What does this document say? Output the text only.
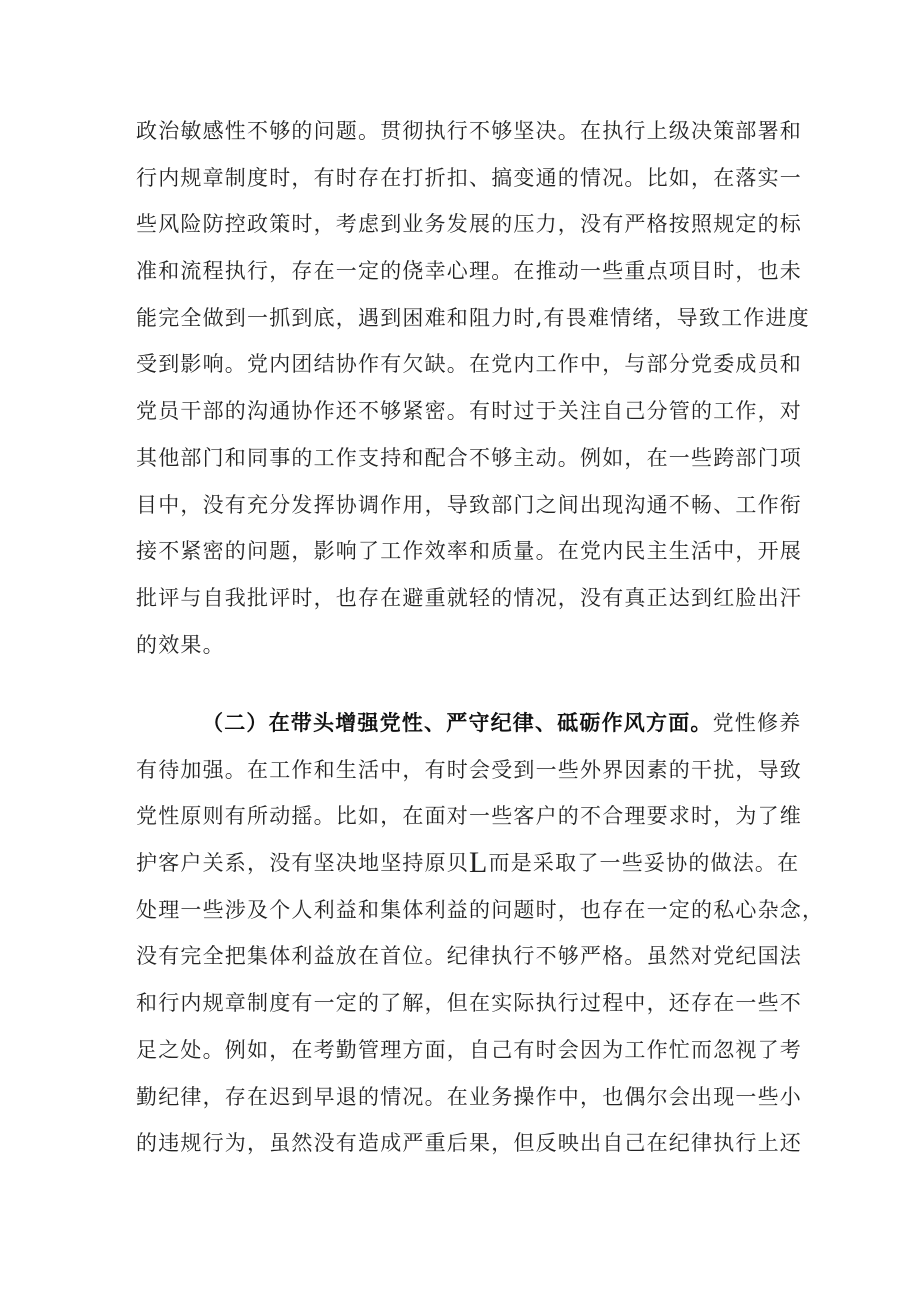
政治敏感性不够的问题。贯彻执行不够坚决。在执行上级决策部署和
行内规章制度时，有时存在打折扣、搞变通的情况。比如，在落实一
些风险防控政策时，考虑到业务发展的压力，没有严格按照规定的标
准和流程执行，存在一定的侥幸心理。在推动一些重点项目时，也未
能完全做到一抓到底，遇到困难和阻力时,有畏难情绪，导致工作进度
受到影响。党内团结协作有欠缺。在党内工作中，与部分党委成员和
党员干部的沟通协作还不够紧密。有时过于关注自己分管的工作，对
其他部门和同事的工作支持和配合不够主动。例如，在一些跨部门项
目中，没有充分发挥协调作用，导致部门之间出现沟通不畅、工作衔
接不紧密的问题，影响了工作效率和质量。在党内民主生活中，开展
批评与自我批评时，也存在避重就轻的情况，没有真正达到红脸出汗
的效果。
（二）在带头增强党性、严守纪律、砥砺作风方面。党性修养
有待加强。在工作和生活中，有时会受到一些外界因素的干扰，导致
党性原则有所动摇。比如，在面对一些客户的不合理要求时，为了维
护客户关系，没有坚决地坚持原贝L而是采取了一些妥协的做法。在
处理一些涉及个人利益和集体利益的问题时，也存在一定的私心杂念，
没有完全把集体利益放在首位。纪律执行不够严格。虽然对党纪国法
和行内规章制度有一定的了解，但在实际执行过程中，还存在一些不
足之处。例如，在考勤管理方面，自己有时会因为工作忙而忽视了考
勤纪律，存在迟到早退的情况。在业务操作中，也偶尔会出现一些小
的违规行为，虽然没有造成严重后果，但反映出自己在纪律执行上还
